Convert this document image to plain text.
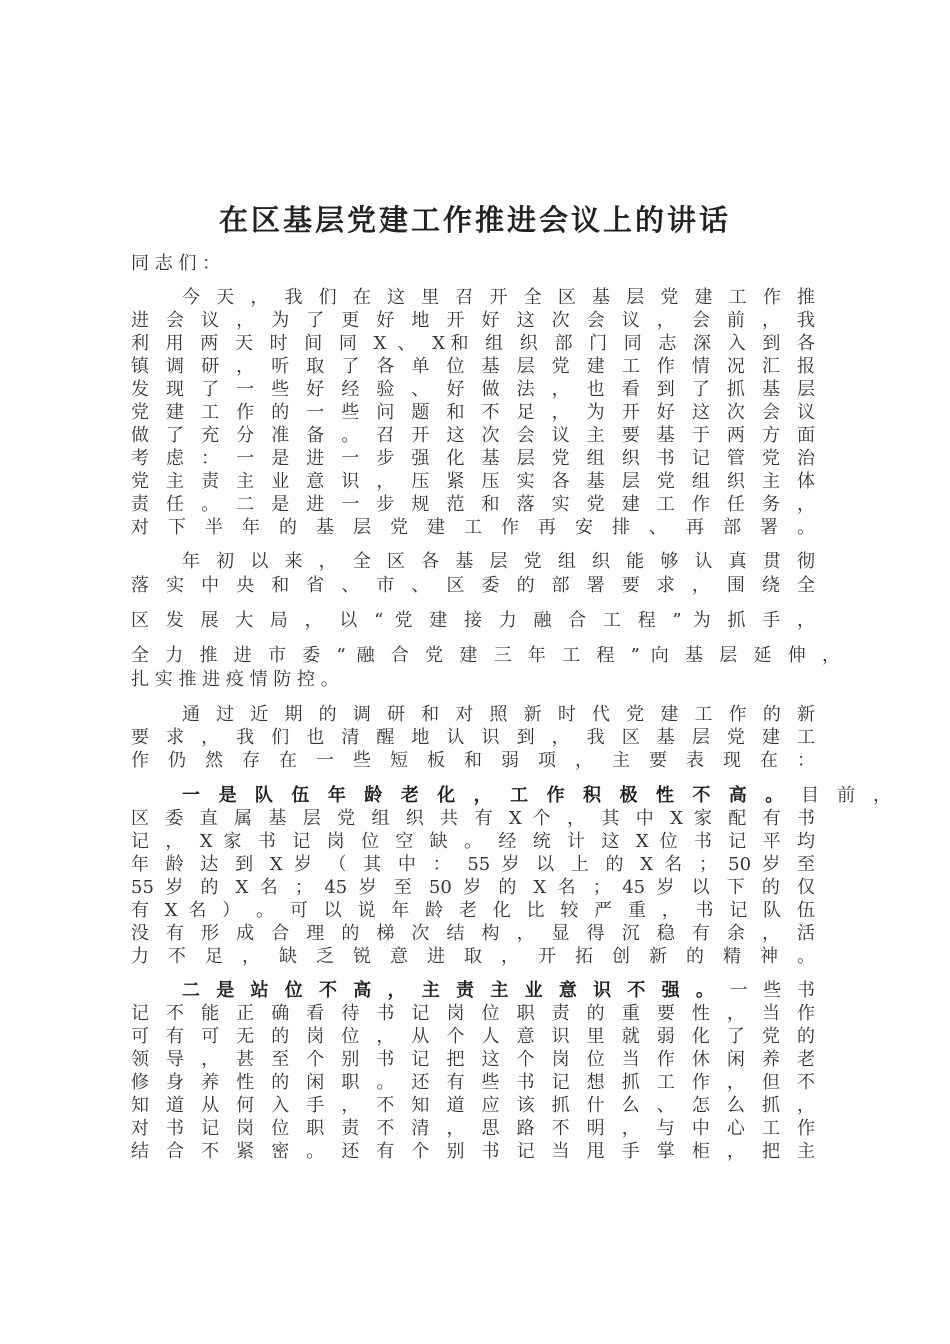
在区基层党建工作推进会议上的讲话
同 志 们 ：
今 天 ， 我 们 在 这 里 召 开 全 区 基 层 党 建 工 作 推
进 会 议 ， 为 了 更 好 地 开 好 这 次 会 议 ， 会 前 ， 我
利 用 两 天 时 间 同 X 、 X和 组 织 部 门 同 志 深 入 到 各
镇 调 研 ， 听 取 了 各 单 位 基 层 党 建 工 作 情 况 汇 报
发 现 了 一 些 好 经 验 、 好 做 法 ， 也 看 到 了 抓 基 层
党 建 工 作 的 一 些 问 题 和 不 足 ， 为 开 好 这 次 会 议
做 了 充 分 准 备 。 召 开 这 次 会 议 主 要 基 于 两 方 面
考 虑 ： 一 是 进 一 步 强 化 基 层 党 组 织 书 记 管 党 治
党 主 责 主 业 意 识 ， 压 紧 压 实 各 基 层 党 组 织 主 体
责 任 。 二 是 进 一 步 规 范 和 落 实 党 建 工 作 任 务 ，
对 下 半 年 的 基 层 党 建 工 作 再 安 排 、 再 部 署 。
年 初 以 来 ， 全 区 各 基 层 党 组 织 能 够 认 真 贯 彻
落 实 中 央 和 省 、 市 、 区 委 的 部 署 要 求 ， 围 绕 全
区 发 展 大 局 ， 以 “ 党 建 接 力 融 合 工 程 ” 为 抓 手 ，
全 力 推 进 市 委 “ 融 合 党 建 三 年 工 程 ” 向 基 层 延 伸 ，
扎 实 推 进 疫 情 防 控 。
通 过 近 期 的 调 研 和 对 照 新 时 代 党 建 工 作 的 新
要 求 ， 我 们 也 清 醒 地 认 识 到 ， 我 区 基 层 党 建 工
作 仍 然 存 在 一 些 短 板 和 弱 项 ， 主 要 表 现 在 ：
一 是 队 伍 年 龄 老 化 ， 工 作 积 极 性 不 高 。 目 前 ，
区 委 直 属 基 层 党 组 织 共 有 X 个 ， 其 中 X 家 配 有 书
记 ， X 家 书 记 岗 位 空 缺 。 经 统 计 这 X 位 书 记 平 均
年 龄 达 到 X 岁 （ 其 中 ： 55 岁 以 上 的 X 名 ； 50 岁 至
55 岁 的 X 名 ； 45 岁 至 50 岁 的 X 名 ； 45 岁 以 下 的 仅
有 X 名 ） 。 可 以 说 年 龄 老 化 比 较 严 重 ， 书 记 队 伍
没 有 形 成 合 理 的 梯 次 结 构 ， 显 得 沉 稳 有 余 ， 活
力 不 足 ， 缺 乏 锐 意 进 取 ， 开 拓 创 新 的 精 神 。
二 是 站 位 不 高 ， 主 责 主 业 意 识 不 强 。 一 些 书
记 不 能 正 确 看 待 书 记 岗 位 职 责 的 重 要 性 ， 当 作
可 有 可 无 的 岗 位 ， 从 个 人 意 识 里 就 弱 化 了 党 的
领 导 ， 甚 至 个 别 书 记 把 这 个 岗 位 当 作 休 闲 养 老
修 身 养 性 的 闲 职 。 还 有 些 书 记 想 抓 工 作 ， 但 不
知 道 从 何 入 手 ， 不 知 道 应 该 抓 什 么 、 怎 么 抓 ，
对 书 记 岗 位 职 责 不 清 ， 思 路 不 明 ， 与 中 心 工 作
结 合 不 紧 密 。 还 有 个 别 书 记 当 甩 手 掌 柜 ， 把 主
